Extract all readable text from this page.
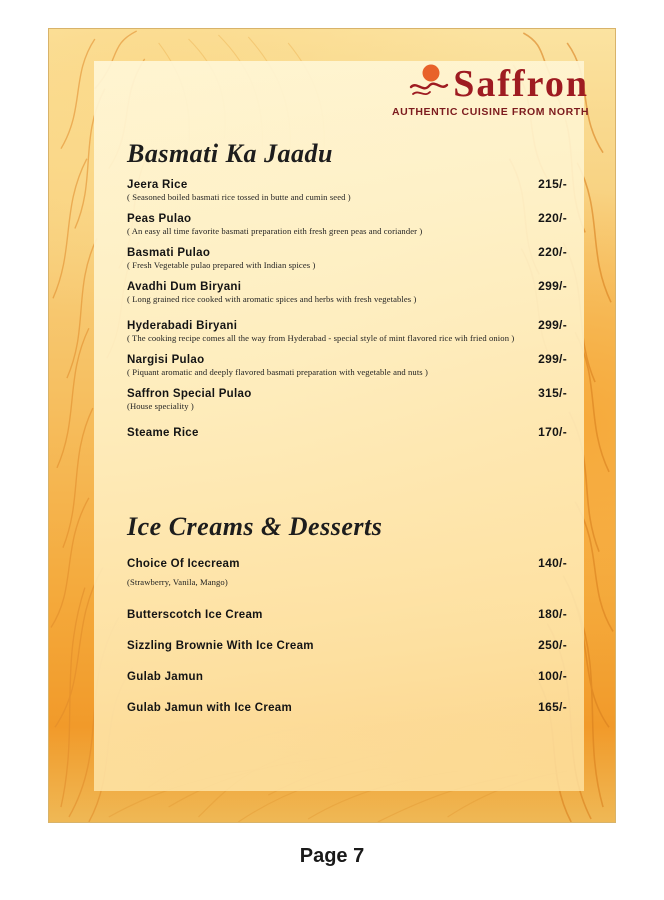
Saffron
AUTHENTIC CUISINE FROM NORTH
Basmati Ka Jaadu
Jeera Rice	215/-
( Seasoned boiled basmati rice tossed in butte and cumin seed )
Peas Pulao	220/-
( An easy all time favorite basmati preparation eith fresh green peas and coriander )
Basmati Pulao	220/-
( Fresh Vegetable pulao prepared with Indian spices )
Avadhi Dum Biryani	299/-
( Long grained rice cooked with aromatic spices and herbs with fresh vegetables )
Hyderabadi Biryani	299/-
( The cooking recipe comes all the way from Hyderabad - special style of mint flavored rice wih fried onion )
Nargisi Pulao	299/-
( Piquant aromatic and deeply flavored basmati preparation with vegetable and nuts )
Saffron Special Pulao	315/-
(House speciality )
Steame Rice	170/-
Ice Creams & Desserts
Choice Of Icecream	140/-
(Strawberry, Vanila, Mango)
Butterscotch Ice Cream	180/-
Sizzling Brownie With Ice Cream	250/-
Gulab Jamun	100/-
Gulab Jamun with Ice Cream	165/-
Page 7
